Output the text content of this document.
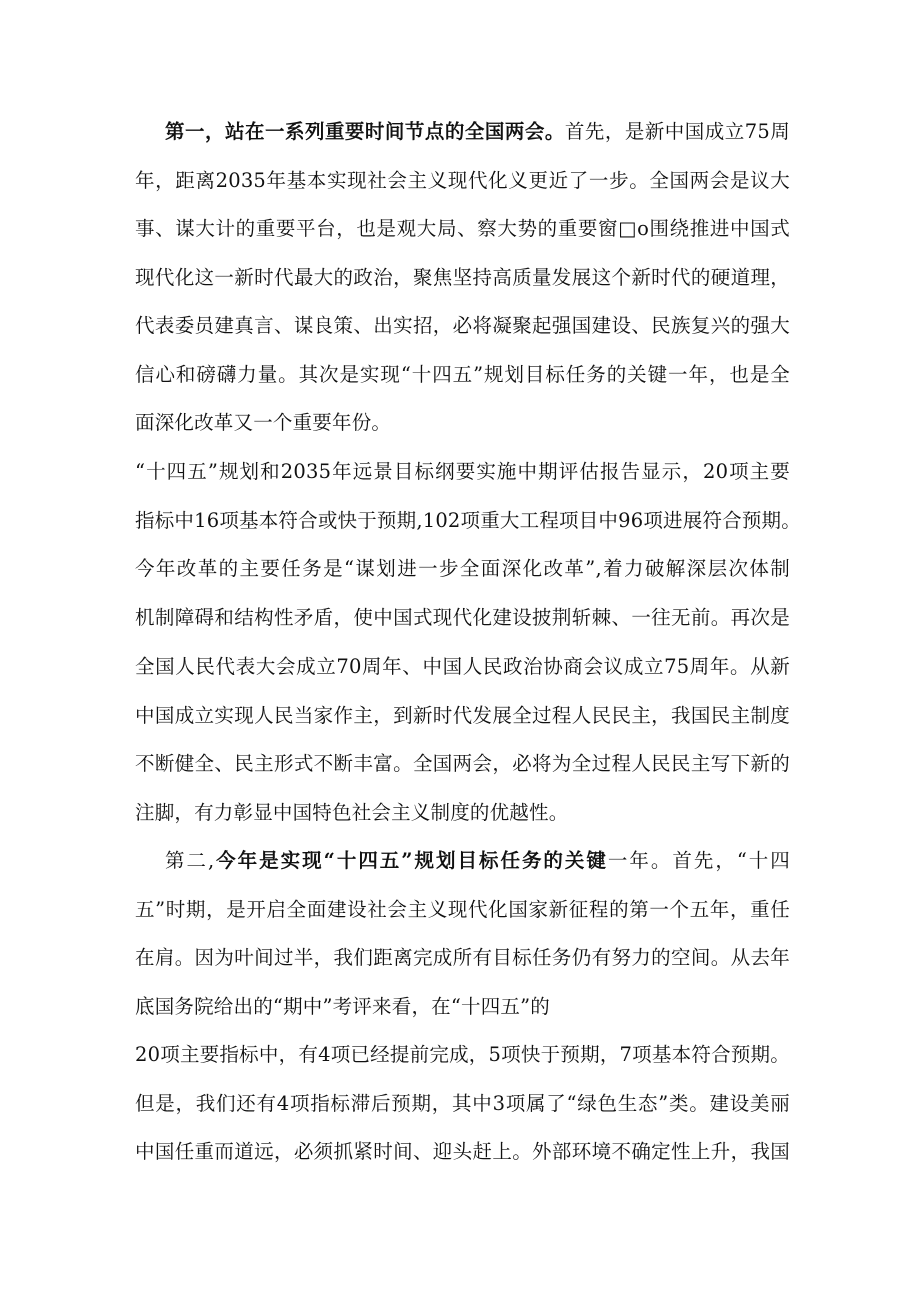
第一，站在一系列重要时间节点的全国两会。首先，是新中国成立75周
年，距离2035年基本实现社会主义现代化义更近了一步。全国两会是议大
事、谋大计的重要平台，也是观大局、察大势的重要窗□o围绕推进中国式
现代化这一新时代最大的政治，聚焦坚持高质量发展这个新时代的硬道理，
代表委员建真言、谋良策、出实招，必将凝聚起强国建设、民族复兴的强大
信心和磅礴力量。其次是实现“十四五”规划目标任务的关键一年，也是全
面深化改革又一个重要年份。
“十四五”规划和2035年远景目标纲要实施中期评估报告显示，20项主要
指标中16项基本符合或快于预期,102项重大工程项目中96项进展符合预期。
今年改革的主要任务是“谋划进一步全面深化改革”,着力破解深层次体制
机制障碍和结构性矛盾，使中国式现代化建设披荆斩棘、一往无前。再次是
全国人民代表大会成立70周年、中国人民政治协商会议成立75周年。从新
中国成立实现人民当家作主，到新时代发展全过程人民民主，我国民主制度
不断健全、民主形式不断丰富。全国两会，必将为全过程人民民主写下新的
注脚，有力彰显中国特色社会主义制度的优越性。
第二,今年是实现“十四五”规划目标任务的关键一年。首先，“十四
五”时期，是开启全面建设社会主义现代化国家新征程的第一个五年，重任
在肩。因为叶间过半，我们距离完成所有目标任务仍有努力的空间。从去年
底国务院给出的“期中”考评来看，在“十四五”的
20项主要指标中，有4项已经提前完成，5项快于预期，7项基本符合预期。
但是，我们还有4项指标滞后预期，其中3项属了“绿色生态”类。建设美丽
中国任重而道远，必须抓紧时间、迎头赶上。外部环境不确定性上升，我国
